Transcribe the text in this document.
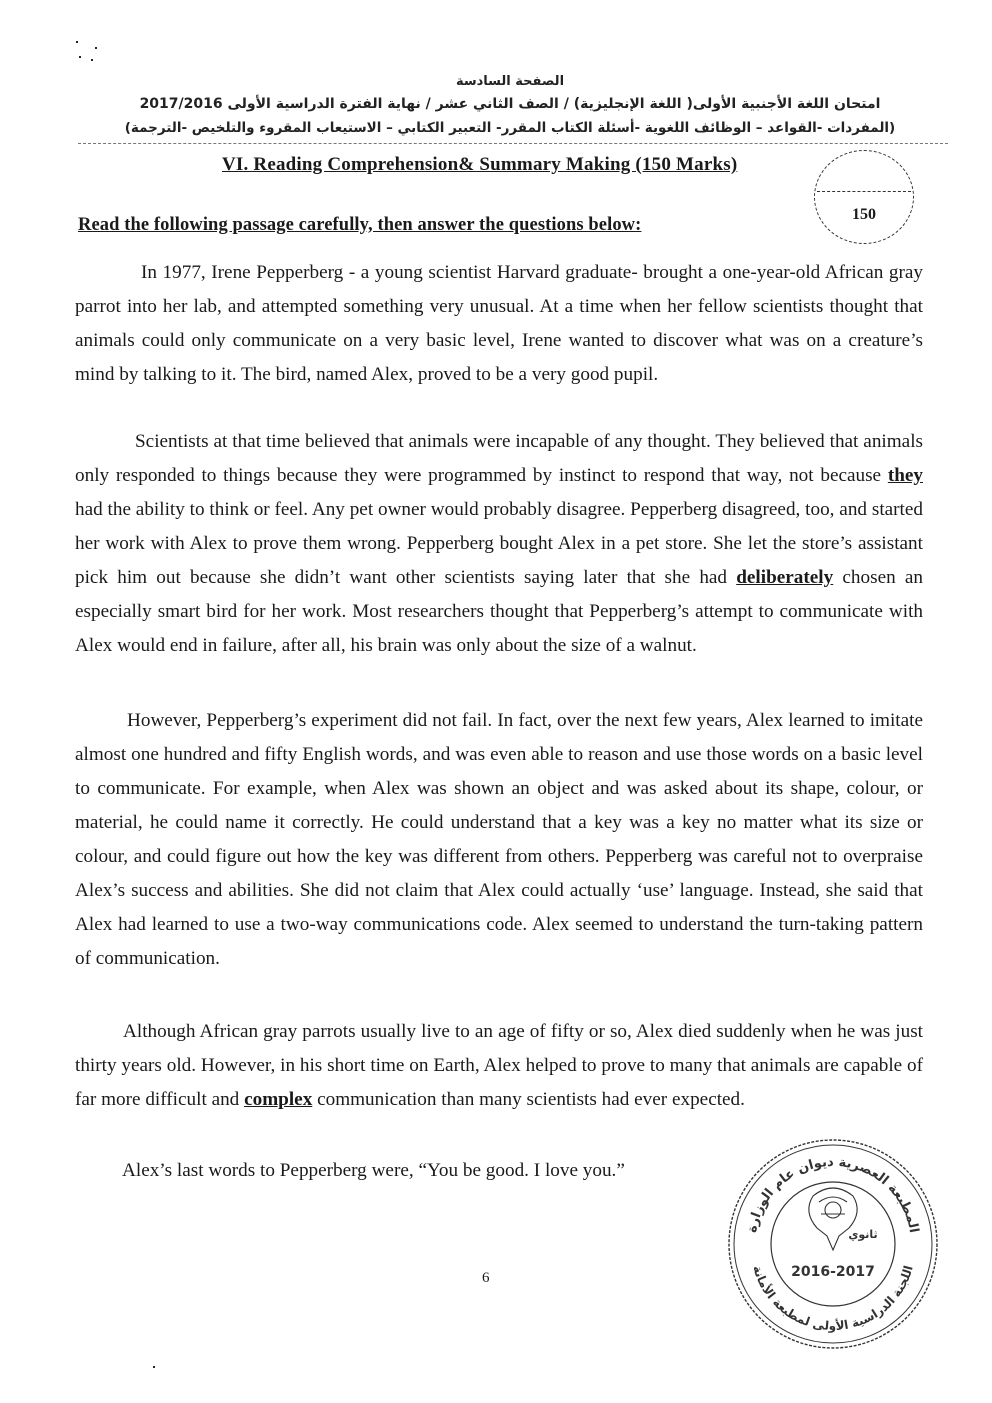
الصفحة السادسة
امتحان اللغة الأجنبية الأولى( اللغة الإنجليزية) / الصف الثاني عشر / نهاية الفترة الدراسية الأولى 2017/2016
(المفردات -القواعد – الوظائف اللغوية -أسئلة الكتاب المقرر- التعبير الكتابي – الاستيعاب المقروء والتلخيص -الترجمة)
VI. Reading Comprehension& Summary Making (150 Marks)
150
Read the following passage carefully, then answer the questions below:

In 1977, Irene Pepperberg - a young scientist Harvard graduate- brought a one-year-old African gray parrot into her lab, and attempted something very unusual. At a time when her fellow scientists thought that animals could only communicate on a very basic level, Irene wanted to discover what was on a creature’s mind by talking to it. The bird, named Alex, proved to be a very good pupil.

Scientists at that time believed that animals were incapable of any thought. They believed that animals only responded to things because they were programmed by instinct to respond that way, not because they had the ability to think or feel. Any pet owner would probably disagree. Pepperberg disagreed, too, and started her work with Alex to prove them wrong. Pepperberg bought Alex in a pet store. She let the store’s assistant pick him out because she didn’t want other scientists saying later that she had deliberately chosen an especially smart bird for her work. Most researchers thought that Pepperberg’s attempt to communicate with Alex would end in failure, after all, his brain was only about the size of a walnut.

However, Pepperberg’s experiment did not fail. In fact, over the next few years, Alex learned to imitate almost one hundred and fifty English words, and was even able to reason and use those words on a basic level to communicate. For example, when Alex was shown an object and was asked about its shape, colour, or material, he could name it correctly. He could understand that a key was a key no matter what its size or colour, and could figure out how the key was different from others. Pepperberg was careful not to overpraise Alex’s success and abilities. She did not claim that Alex could actually ‘use’ language. Instead, she said that Alex had learned to use a two-way communications code. Alex seemed to understand the turn-taking pattern of communication.

Although African gray parrots usually live to an age of fifty or so, Alex died suddenly when he was just thirty years old. However, in his short time on Earth, Alex helped to prove to many that animals are capable of far more difficult and complex communication than many scientists had ever expected.

Alex’s last words to Pepperberg were, “You be good. I love you.”

المطبعة العصرية ديوان عام الوزارة
اللجنة الدراسية الأولى لمطبعة الأمانة
ثانوي
2016-2017
6
